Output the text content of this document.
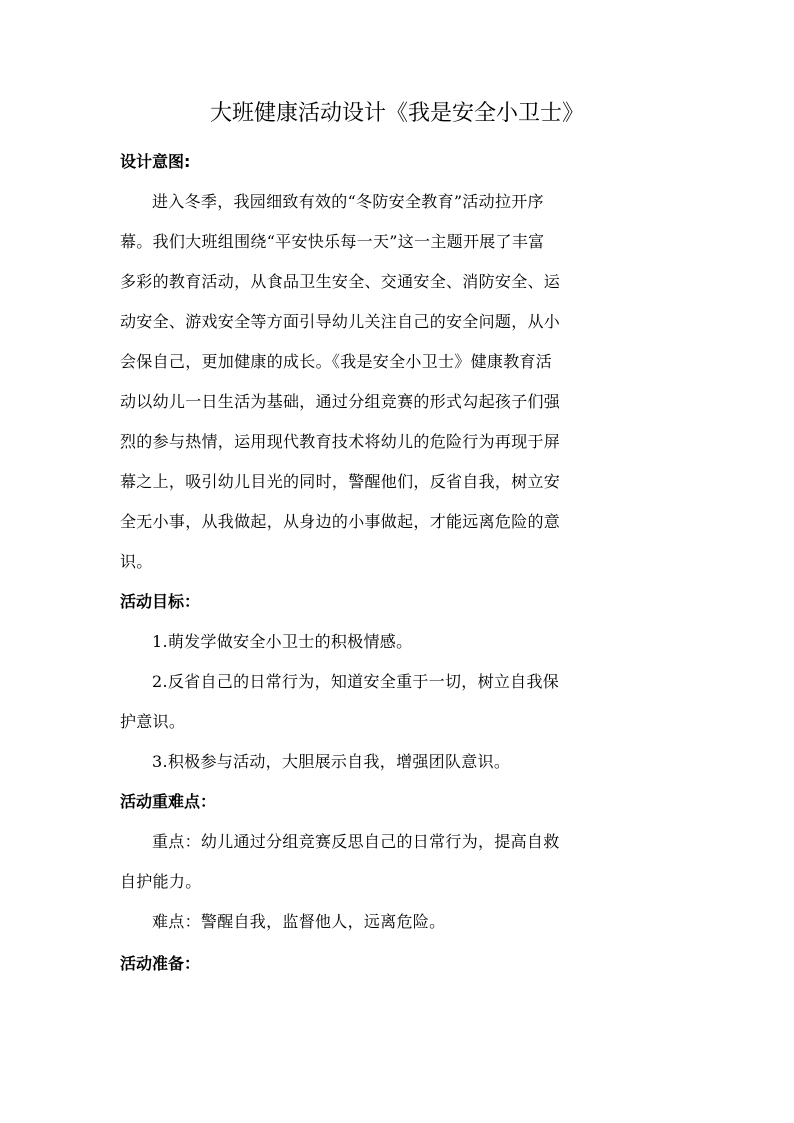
大班健康活动设计《我是安全小卫士》
设计意图:
进入冬季，我园细致有效的“冬防安全教育”活动拉开序
幕。我们大班组围绕“平安快乐每一天”这一主题开展了丰富
多彩的教育活动，从食品卫生安全、交通安全、消防安全、运
动安全、游戏安全等方面引导幼儿关注自己的安全问题，从小
会保自己，更加健康的成长。《我是安全小卫士》健康教育活
动以幼儿一日生活为基础，通过分组竞赛的形式勾起孩子们强
烈的参与热情，运用现代教育技术将幼儿的危险行为再现于屏
幕之上，吸引幼儿目光的同时，警醒他们，反省自我，树立安
全无小事，从我做起，从身边的小事做起，才能远离危险的意
识。
活动目标：
1.萌发学做安全小卫士的积极情感。
2.反省自己的日常行为，知道安全重于一切，树立自我保
护意识。
3.积极参与活动，大胆展示自我，增强团队意识。
活动重难点：
重点：幼儿通过分组竞赛反思自己的日常行为，提高自救
自护能力。
难点：警醒自我，监督他人，远离危险。
活动准备：
